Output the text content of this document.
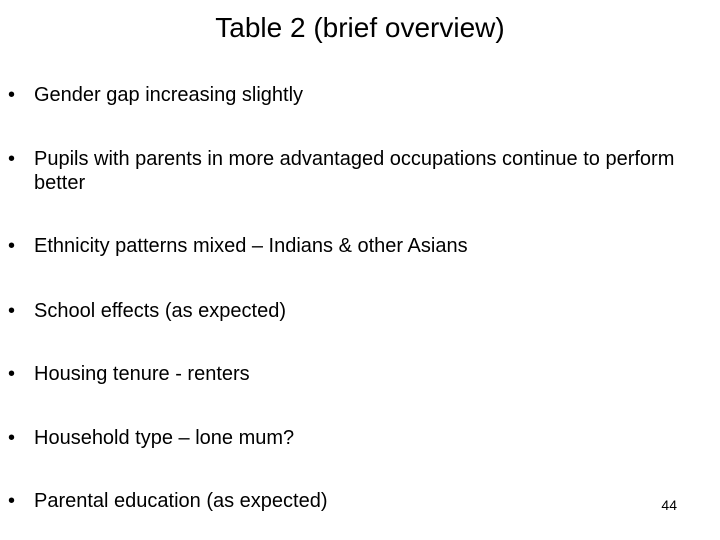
Table 2 (brief overview)
• Gender gap increasing slightly
• Pupils with parents in more advantaged occupations continue to perform better
• Ethnicity patterns mixed – Indians & other Asians
• School effects (as expected)
• Housing tenure - renters
• Household type – lone mum?
• Parental education (as expected)	44
